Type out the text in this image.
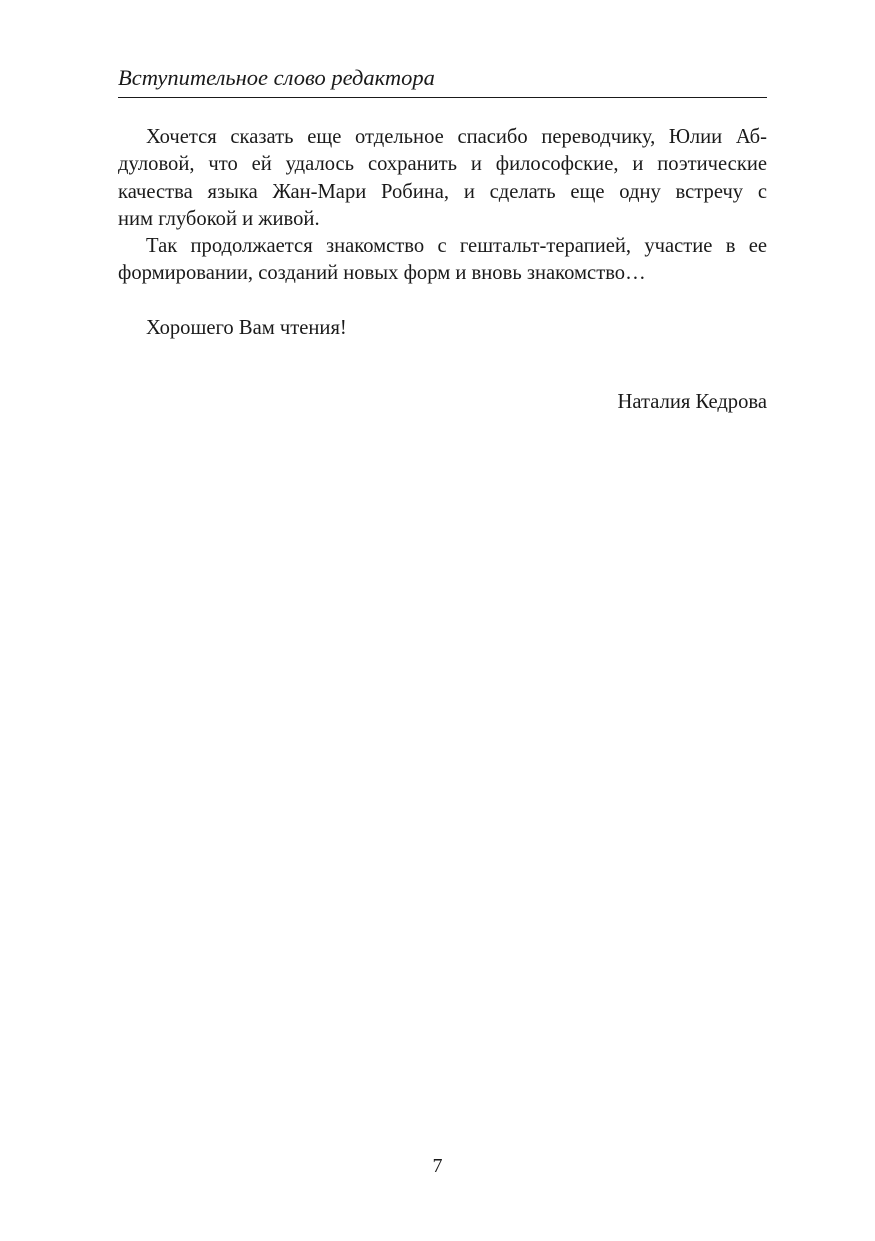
Вступительное слово редактора

Хочется сказать еще отдельное спасибо переводчику, Юлии Аб-
дуловой, что ей удалось сохранить и философские, и поэтические
качества языка Жан-Мари Робина, и сделать еще одну встречу с
ним глубокой и живой.

Так продолжается знакомство с гештальт-терапией, участие в ее
формировании, созданий новых форм и вновь знакомство…

Хорошего Вам чтения!
Наталия Кедрова
7
